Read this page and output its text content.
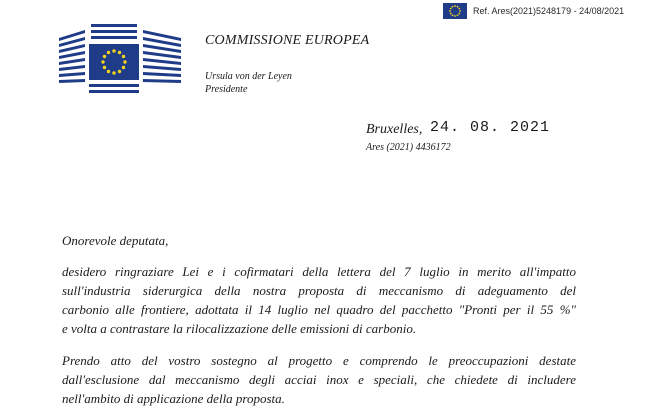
Ref. Ares(2021)5248179 - 24/08/2021
COMMISSIONE EUROPEA
Ursula von der Leyen
Presidente
Bruxelles, 24. 08. 2021
Ares (2021) 4436172
Onorevole deputata,
desidero ringraziare Lei e i cofirmatari della lettera del 7 luglio in merito all'impatto
sull'industria siderurgica della nostra proposta di meccanismo di adeguamento del
carbonio alle frontiere, adottata il 14 luglio nel quadro del pacchetto "Pronti per il 55 %"
e volta a contrastare la rilocalizzazione delle emissioni di carbonio.
Prendo atto del vostro sostegno al progetto e comprendo le preoccupazioni destate
dall'esclusione dal meccanismo degli acciai inox e speciali, che chiedete di includere
nell'ambito di applicazione della proposta.
